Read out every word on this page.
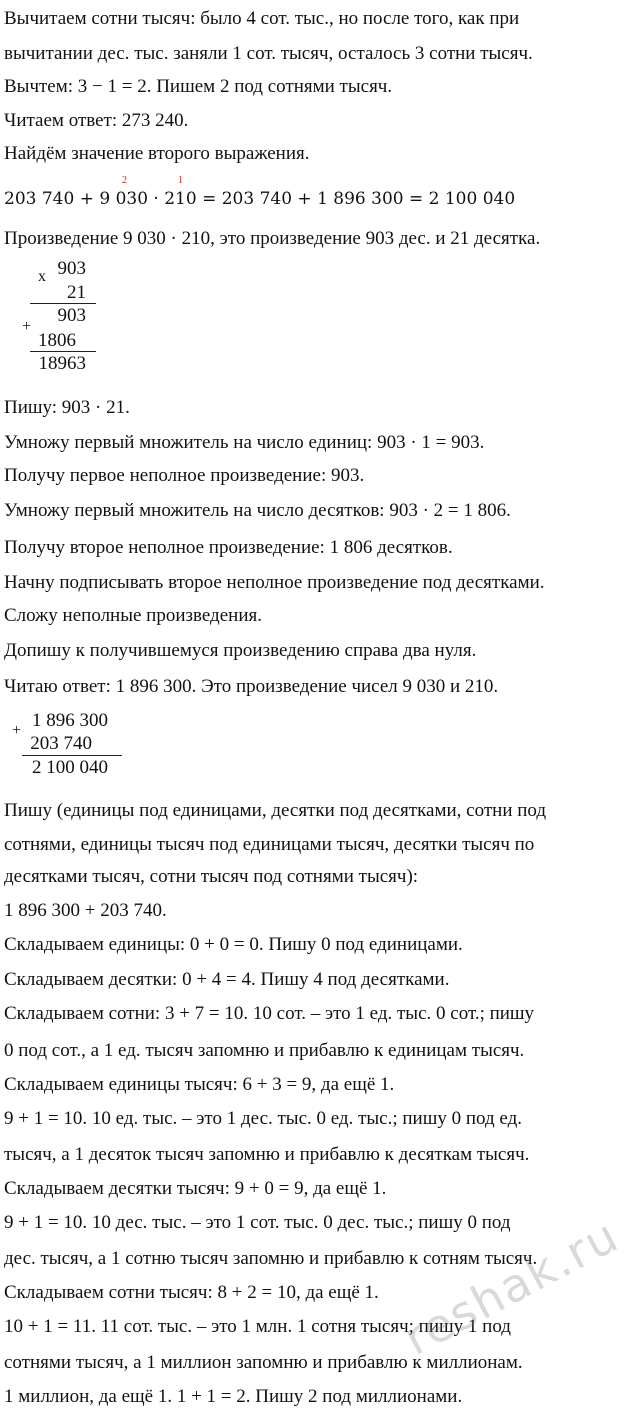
Вычитаем сотни тысяч: было 4 сот. тыс., но после того, как при
вычитании дес. тыс. заняли 1 сот. тысяч, осталось 3 сотни тысяч.
Вычтем: 3 − 1 = 2. Пишем 2 под сотнями тысяч.
Читаем ответ: 273 240.
Найдём значение второго выражения.
2	1
203 740 + 9 030 · 210 = 203 740 + 1 896 300 = 2 100 040
Произведение 9 030 · 210, это произведение 903 дес. и 21 десятка.
x 903
21
+
903
1806
18963
Пишу: 903 · 21.
Умножу первый множитель на число единиц: 903 · 1 = 903.
Получу первое неполное произведение: 903.
Умножу первый множитель на число десятков: 903 · 2 = 1 806.
Получу второе неполное произведение: 1 806 десятков.
Начну подписывать второе неполное произведение под десятками.
Сложу неполные произведения.
Допишу к получившемуся произведению справа два нуля.
Читаю ответ: 1 896 300. Это произведение чисел 9 030 и 210.
+ 1 896 300
203 740
2 100 040
Пишу (единицы под единицами, десятки под десятками, сотни под
сотнями, единицы тысяч под единицами тысяч, десятки тысяч по
десятками тысяч, сотни тысяч под сотнями тысяч):
1 896 300 + 203 740.
Складываем единицы: 0 + 0 = 0. Пишу 0 под единицами.
Складываем десятки: 0 + 4 = 4. Пишу 4 под десятками.
Складываем сотни: 3 + 7 = 10. 10 сот. – это 1 ед. тыс. 0 сот.; пишу
0 под сот., а 1 ед. тысяч запомню и прибавлю к единицам тысяч.
Складываем единицы тысяч: 6 + 3 = 9, да ещё 1.
9 + 1 = 10. 10 ед. тыс. – это 1 дес. тыс. 0 ед. тыс.; пишу 0 под ед.
тысяч, а 1 десяток тысяч запомню и прибавлю к десяткам тысяч.
Складываем десятки тысяч: 9 + 0 = 9, да ещё 1.
9 + 1 = 10. 10 дес. тыс. – это 1 сот. тыс. 0 дес. тыс.; пишу 0 под
дес. тысяч, а 1 сотню тысяч запомню и прибавлю к сотням тысяч.
Складываем сотни тысяч: 8 + 2 = 10, да ещё 1.
10 + 1 = 11. 11 сот. тыс. – это 1 млн. 1 сотня тысяч; пишу 1 под
сотнями тысяч, а 1 миллион запомню и прибавлю к миллионам.
1 миллион, да ещё 1. 1 + 1 = 2. Пишу 2 под миллионами.
reshak.ru
